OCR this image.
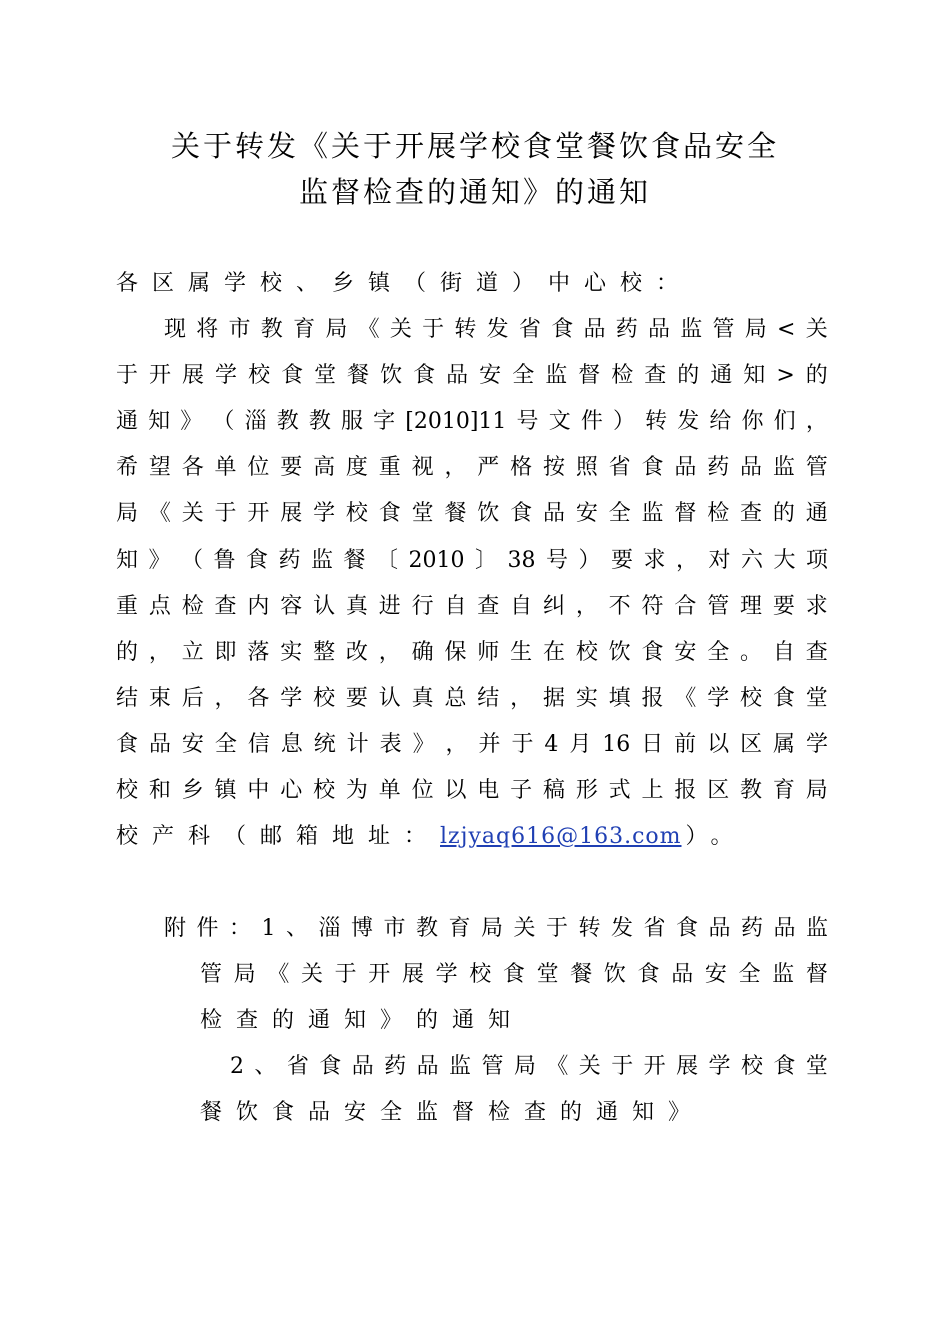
关于转发《关于开展学校食堂餐饮食品安全
监督检查的通知》的通知
各区属学校、乡镇（街道）中心校：
现 将 市 教 育 局 《 关 于 转 发 省 食 品 药 品 监 管 局 < 关
于 开 展 学 校 食 堂 餐 饮 食 品 安 全 监 督 检 查 的 通 知 > 的
通 知 》 （ 淄 教 教 服 字 [2010]11 号 文 件 ） 转 发 给 你 们 ，
希 望 各 单 位 要 高 度 重 视 ， 严 格 按 照 省 食 品 药 品 监 管
局 《 关 于 开 展 学 校 食 堂 餐 饮 食 品 安 全 监 督 检 查 的 通
知 》 （ 鲁 食 药 监 餐 〔 2010 〕 38 号 ） 要 求 ， 对 六 大 项
重 点 检 查 内 容 认 真 进 行 自 查 自 纠 ， 不 符 合 管 理 要 求
的 ， 立 即 落 实 整 改 ， 确 保 师 生 在 校 饮 食 安 全 。 自 查
结 束 后 ， 各 学 校 要 认 真 总 结 ， 据 实 填 报 《 学 校 食 堂
食 品 安 全 信 息 统 计 表 》 ， 并 于 4 月 16 日 前 以 区 属 学
校 和 乡 镇 中 心 校 为 单 位 以 电 子 稿 形 式 上 报 区 教 育 局
校产科（邮箱地址： lzjyaq616@163.com ）。
附 件 ： 1 、 淄 博 市 教 育 局 关 于 转 发 省 食 品 药 品 监
管 局 《 关 于 开 展 学 校 食 堂 餐 饮 食 品 安 全 监 督
检查的通知》的通知
2 、 省 食 品 药 品 监 管 局 《 关 于 开 展 学 校 食 堂
餐饮食品安全监督检查的通知》
